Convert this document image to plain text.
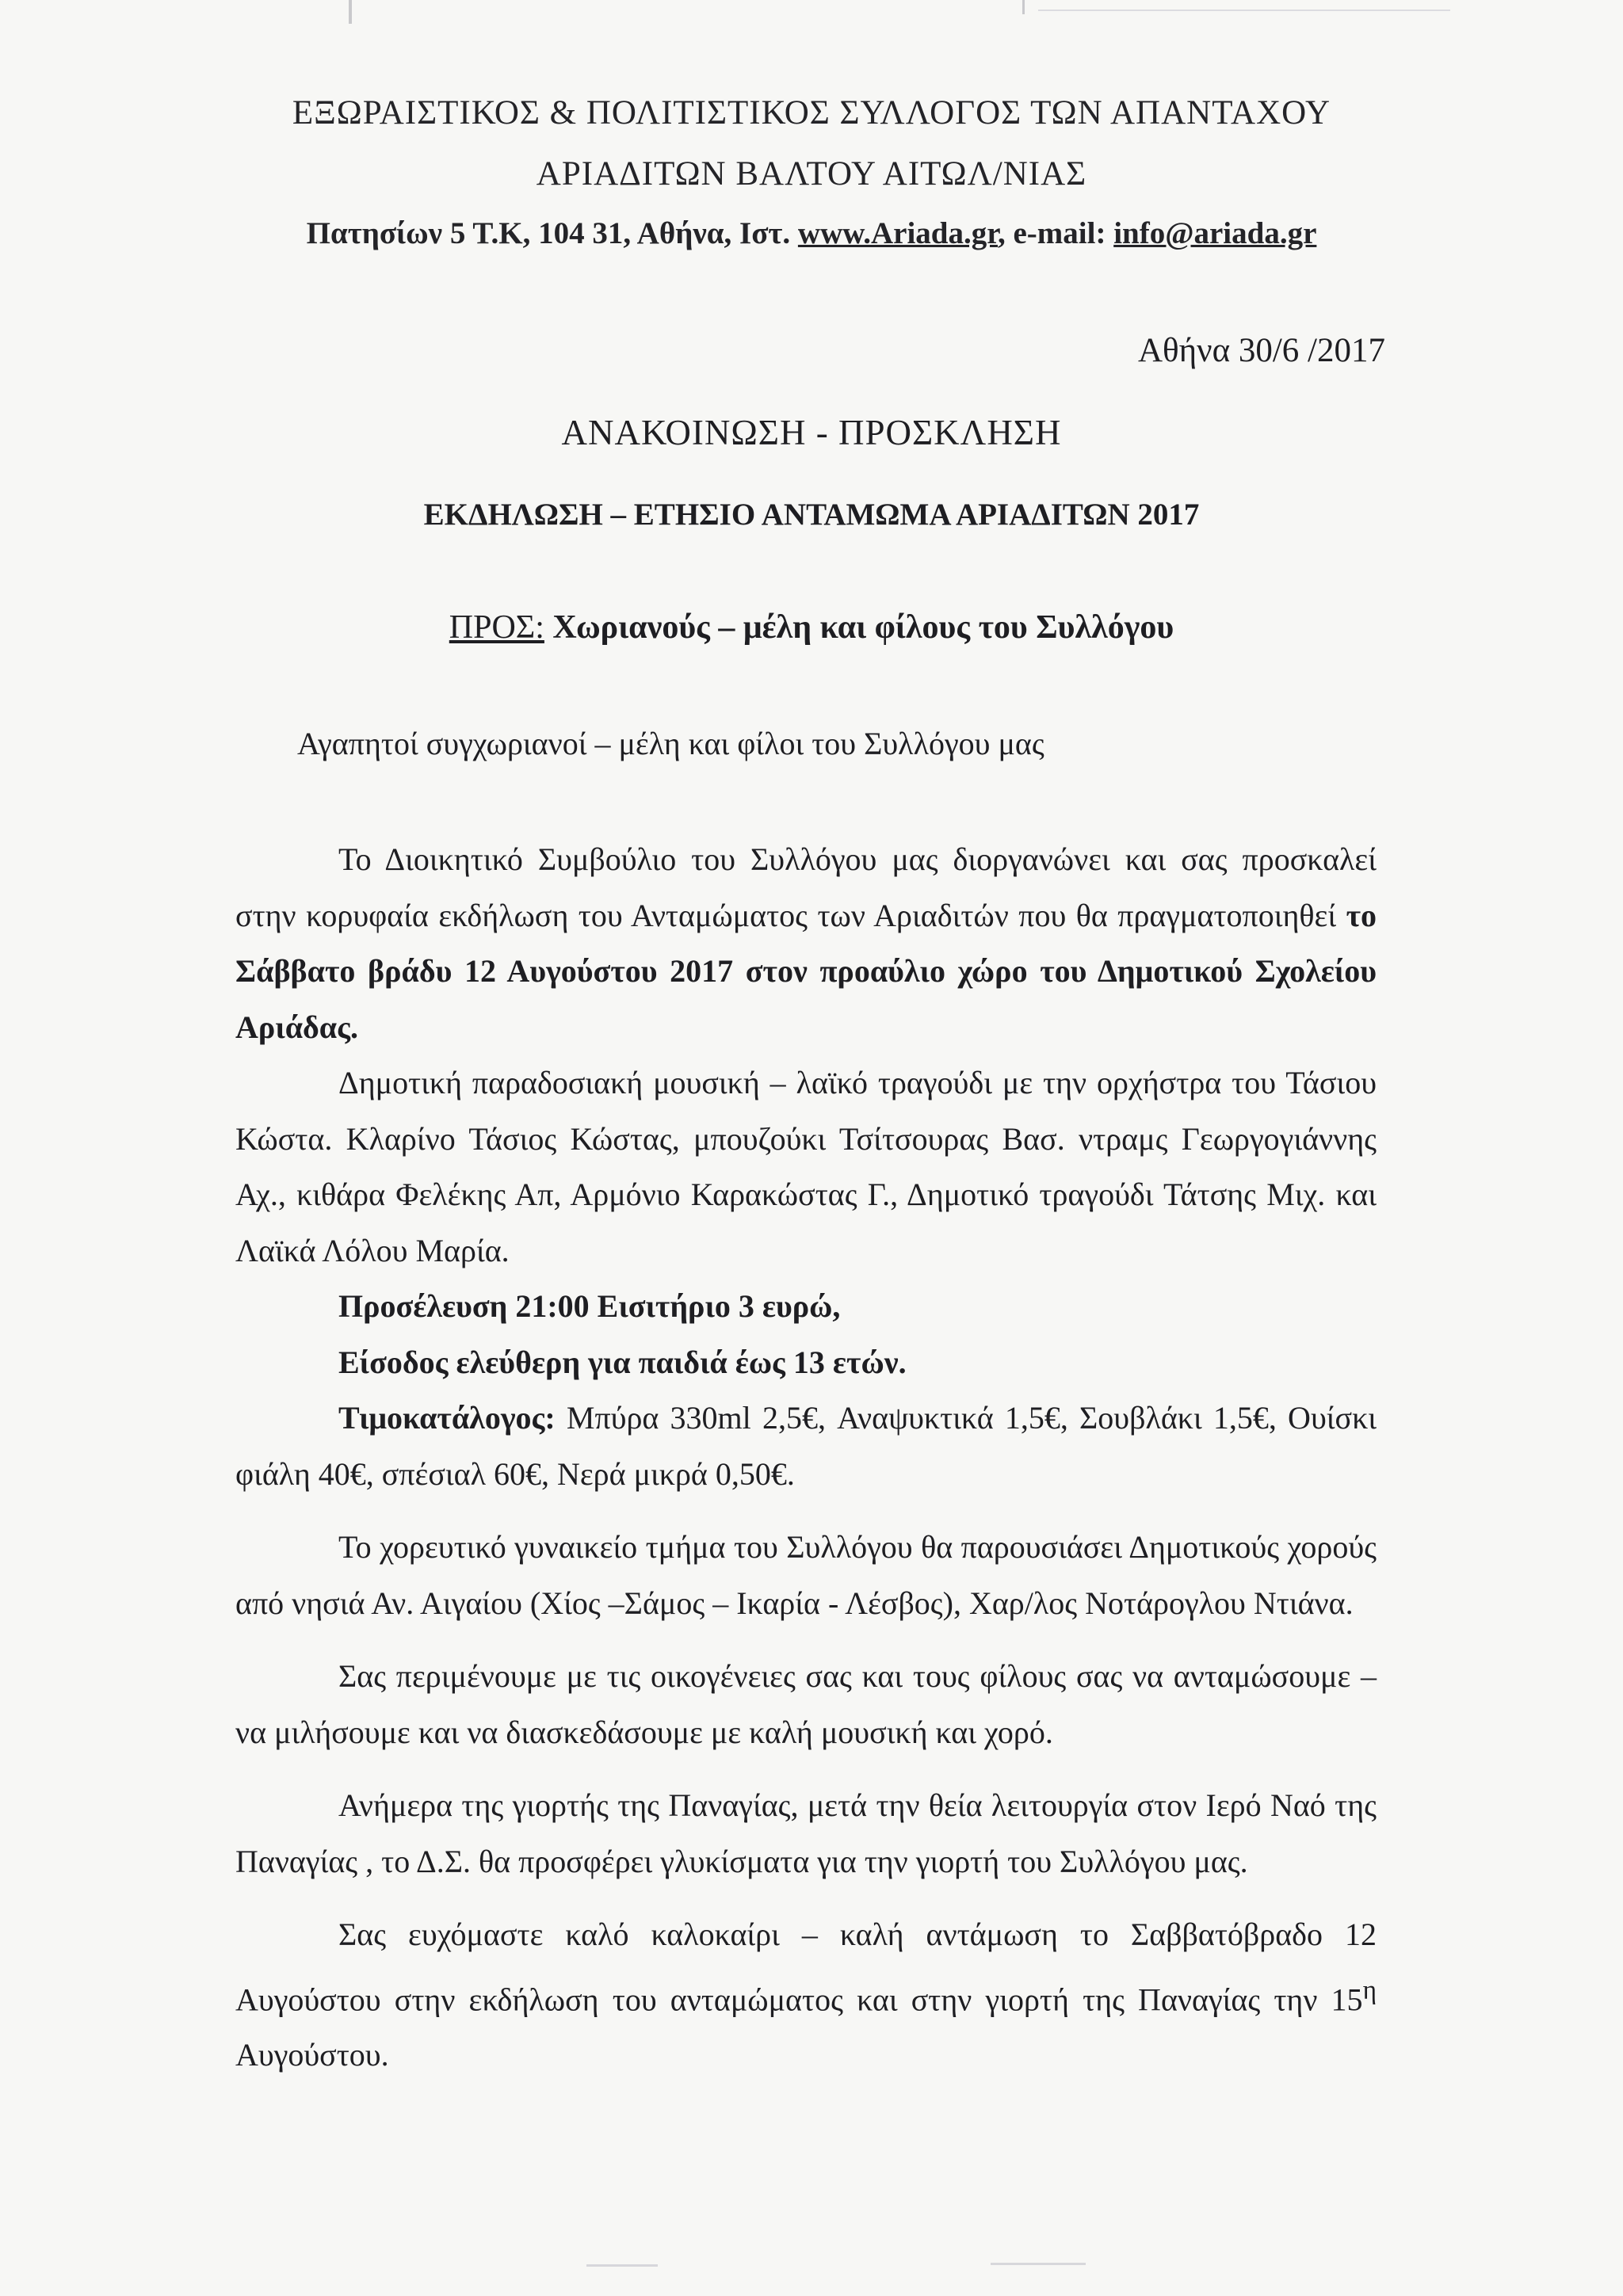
ΕΞΩΡΑΙΣΤΙΚΟΣ & ΠΟΛΙΤΙΣΤΙΚΟΣ ΣΥΛΛΟΓΟΣ ΤΩΝ ΑΠΑΝΤΑΧΟΥ
ΑΡΙΑΔΙΤΩΝ ΒΑΛΤΟΥ ΑΙΤΩΛ/ΝΙΑΣ
Πατησίων 5 Τ.Κ, 104 31, Αθήνα, Ιστ. www.Ariada.gr, e-mail: info@ariada.gr
Αθήνα 30/6 /2017
ΑΝΑΚΟΙΝΩΣΗ - ΠΡΟΣΚΛΗΣΗ
ΕΚΔΗΛΩΣΗ – ΕΤΗΣΙΟ ΑΝΤΑΜΩΜΑ ΑΡΙΑΔΙΤΩΝ 2017
ΠΡΟΣ: Χωριανούς – μέλη και φίλους του Συλλόγου
Αγαπητοί συγχωριανοί – μέλη και φίλοι του Συλλόγου μας

Το Διοικητικό Συμβούλιο του Συλλόγου μας διοργανώνει και σας προσκαλεί στην κορυφαία εκδήλωση του Ανταμώματος των Αριαδιτών που θα πραγματοποιηθεί το Σάββατο βράδυ 12 Αυγούστου 2017 στον προαύλιο χώρο του Δημοτικού Σχολείου Αριάδας.

Δημοτική παραδοσιακή μουσική – λαϊκό τραγούδι με την ορχήστρα του Τάσιου Κώστα. Κλαρίνο Τάσιος Κώστας, μπουζούκι Τσίτσουρας Βασ. ντραμς Γεωργογιάννης Αχ., κιθάρα Φελέκης Απ, Αρμόνιο Καρακώστας Γ., Δημοτικό τραγούδι Τάτσης Μιχ. και Λαϊκά Λόλου Μαρία.

Προσέλευση 21:00 Εισιτήριο 3 ευρώ,

Είσοδος ελεύθερη για παιδιά έως 13 ετών.

Τιμοκατάλογος: Μπύρα 330ml 2,5€, Αναψυκτικά 1,5€, Σουβλάκι 1,5€, Ουίσκι φιάλη 40€, σπέσιαλ 60€, Νερά μικρά 0,50€.

Το χορευτικό γυναικείο τμήμα του Συλλόγου θα παρουσιάσει Δημοτικούς χορούς από νησιά Αν. Αιγαίου (Χίος –Σάμος – Ικαρία - Λέσβος), Χαρ/λος Νοτάρογλου Ντιάνα.

Σας περιμένουμε με τις οικογένειες σας και τους φίλους σας να ανταμώσουμε – να μιλήσουμε και να διασκεδάσουμε με καλή μουσική και χορό.

Ανήμερα της γιορτής της Παναγίας, μετά την θεία λειτουργία στον Ιερό Ναό της Παναγίας , το Δ.Σ. θα προσφέρει γλυκίσματα για την γιορτή του Συλλόγου μας.

Σας ευχόμαστε καλό καλοκαίρι – καλή αντάμωση το Σαββατόβραδο 12 Αυγούστου στην εκδήλωση του ανταμώματος και στην γιορτή της Παναγίας την $15^\eta$ Αυγούστου.
